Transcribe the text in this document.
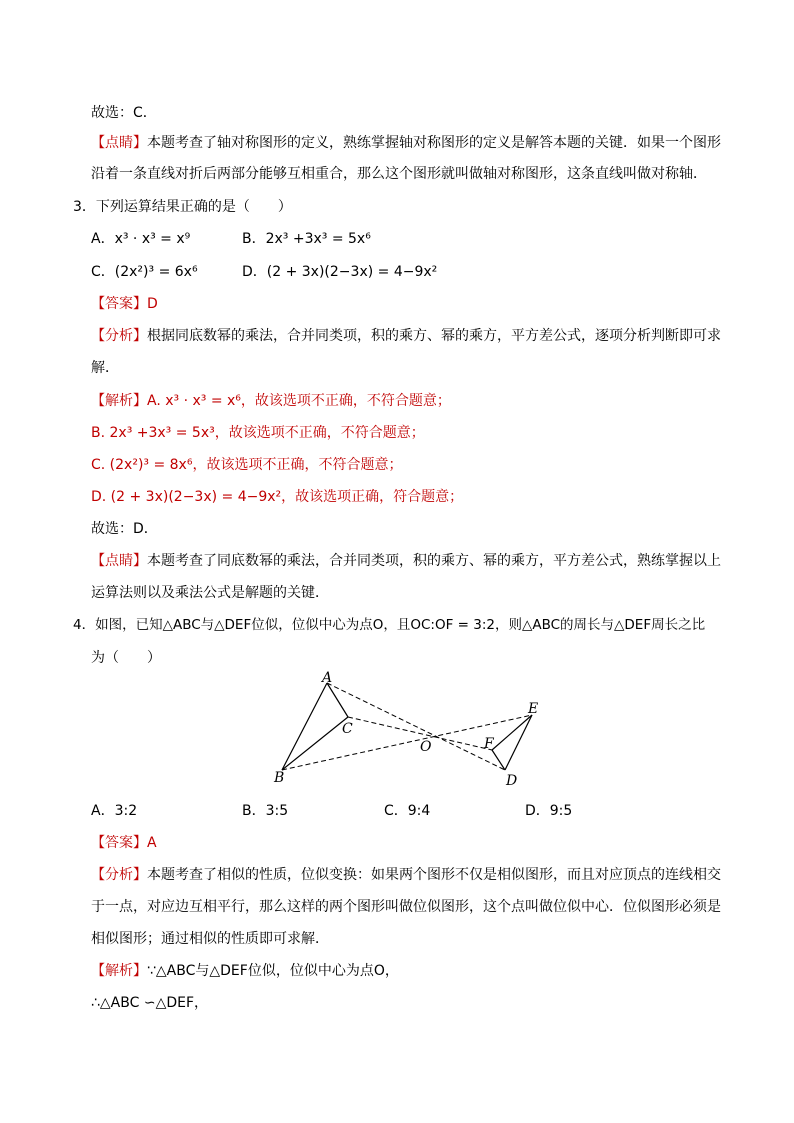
故选：C．
【点睛】本题考查了轴对称图形的定义，熟练掌握轴对称图形的定义是解答本题的关键．如果一个图形
沿着一条直线对折后两部分能够互相重合，那么这个图形就叫做轴对称图形，这条直线叫做对称轴．
3．下列运算结果正确的是（　　）
A．x³ · x³ = x⁹	B．2x³ +3x³ = 5x⁶
C．(2x²)³ = 6x⁶	D．(2 + 3x)(2−3x) = 4−9x²
【答案】D
【分析】根据同底数幂的乘法，合并同类项，积的乘方、幂的乘方，平方差公式，逐项分析判断即可求
解．
【解析】A. x³ · x³ = x⁶，故该选项不正确，不符合题意；
B. 2x³ +3x³ = 5x³，故该选项不正确，不符合题意；
C. (2x²)³ = 8x⁶，故该选项不正确，不符合题意；
D. (2 + 3x)(2−3x) = 4−9x²，故该选项正确，符合题意；
故选：D．
【点睛】本题考查了同底数幂的乘法，合并同类项，积的乘方、幂的乘方，平方差公式，熟练掌握以上
运算法则以及乘法公式是解题的关键．
4．如图，已知△ABC与△DEF位似，位似中心为点O，且OC:OF = 3:2，则△ABC的周长与△DEF周长之比
为（　　）
A
B
C
O
E
F
D
A．3:2	B．3:5	C．9:4	D．9:5
【答案】A
【分析】本题考查了相似的性质，位似变换：如果两个图形不仅是相似图形，而且对应顶点的连线相交
于一点，对应边互相平行，那么这样的两个图形叫做位似图形，这个点叫做位似中心．位似图形必须是
相似图形；通过相似的性质即可求解．
【解析】∵△ABC与△DEF位似，位似中心为点O，
∴△ABC ∽△DEF，
